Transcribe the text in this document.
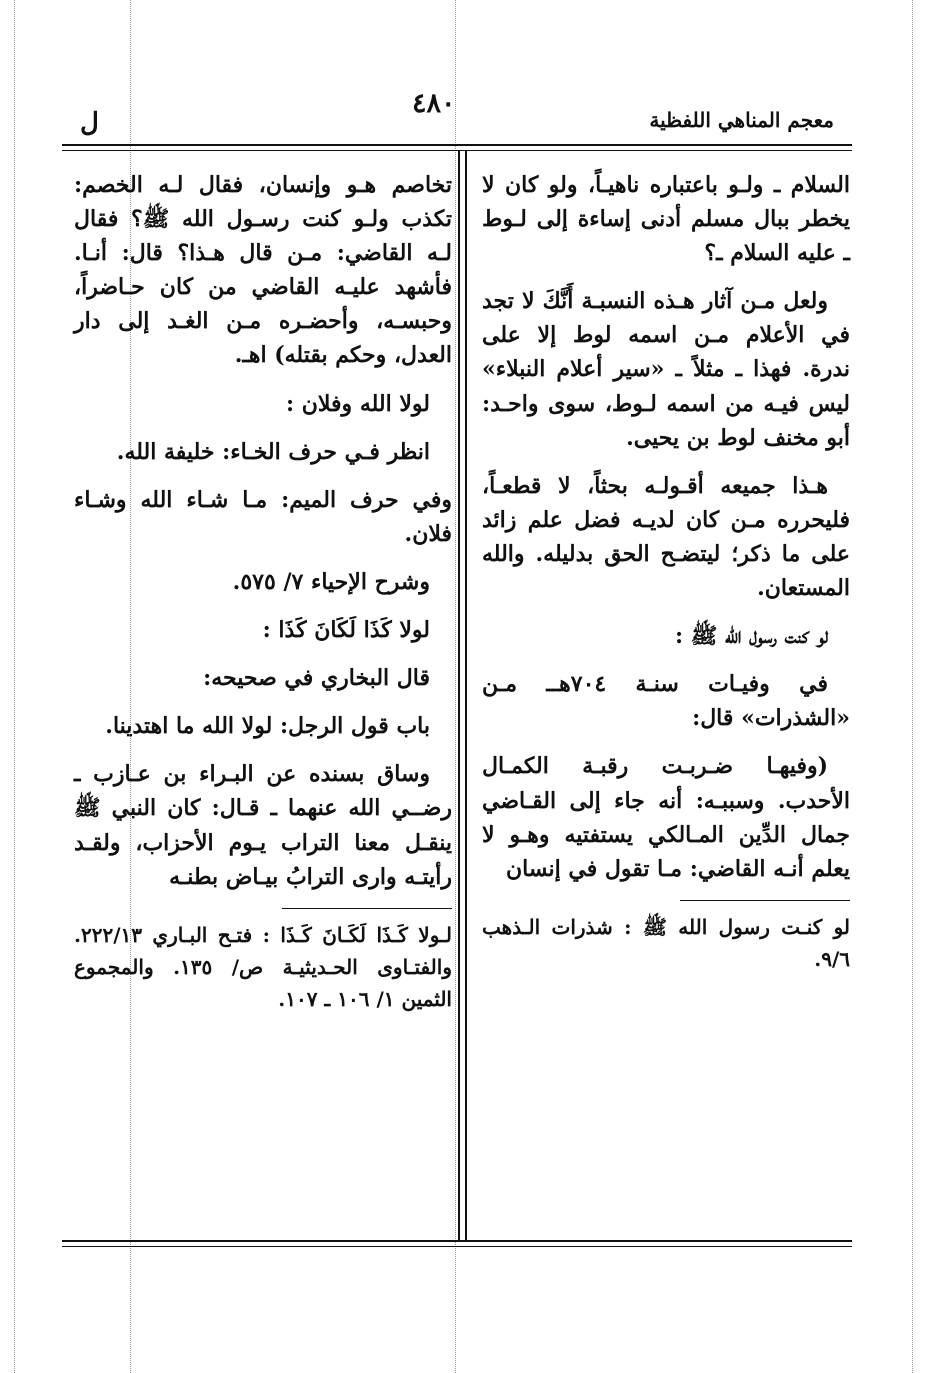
معجم المناهي اللفظية
٤٨٠
ل

السلام ـ ولـو باعتباره ناهيـاً، ولو كان لا يخطر ببال مسلم أدنى إساءة إلى لـوط ـ عليه السلام ـ؟

ولعل مـن آثار هـذه النسبـة أَنَّكَ لا تجد في الأعلام مـن اسمه لوط إلا على ندرة. فهذا ـ مثلاً ـ «سير أعلام النبلاء» ليس فيـه من اسمه لـوط، سوى واحـد: أبو مخنف لوط بن يحيى.

هـذا جميعه أقـولـه بحثاً، لا قطعـاً، فليحرره مـن كان لديـه فضل علم زائد على ما ذكر؛ ليتضـح الحق بدليله. والله المستعان.

لو كنت رسول الله ﷺ :

في وفيـات سنـة ٧٠٤هــ مـن «الشذرات» قال:

(وفيهـا ضـربـت رقبـة الكمـال الأحدب. وسببـه: أنه جاء إلى القـاضي جمال الدِّين المـالكي يستفتيه وهـو لا يعلم أنـه القاضي: مـا تقول في إنسان

لو كنـت رسول الله ﷺ : شذرات الـذهب ٩/٦.

تخاصم هـو وإنسان، فقال لـه الخصم: تكذب ولـو كنت رسـول الله ﷺ؟ فقال لـه القاضي: مـن قال هـذا؟ قال: أنـا. فأشهد عليـه القاضي من كان حـاضراً، وحبسـه، وأحضـره مـن الغـد إلى دار العدل، وحكم بقتله) اهـ.

لولا الله وفلان :

انظر فـي حرف الخـاء: خليفة الله.

وفي حرف الميم: مـا شـاء الله وشـاء فلان.

وشرح الإحياء ٧/ ٥٧٥.

لولا كَذَا لَكَانَ كَذَا :

قال البخاري في صحيحه:

باب قول الرجل: لولا الله ما اهتدينا.

وساق بسنده عن البـراء بن عـازب ـ رضــي الله عنهما ـ قـال: كان النبي ﷺ ينقـل معنا التراب يـوم الأحزاب، ولقـد رأيتـه وارى الترابُ بيـاض بطنـه

لـولا كَـذَا لَكَـانَ كَـذَا : فتـح البـاري ٢٢٢/١٣. والفتـاوى الحـديثيـة ص/ ١٣٥. والمجموع الثمين ١/ ١٠٦ ـ ١٠٧.
